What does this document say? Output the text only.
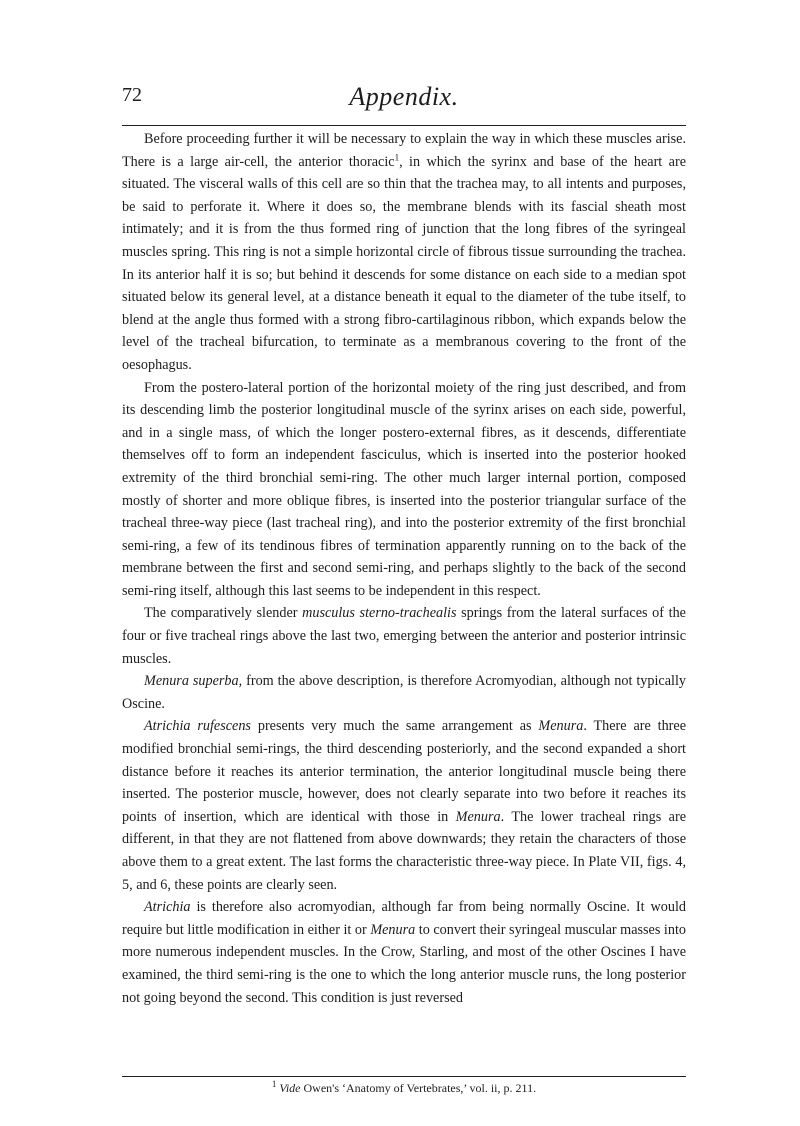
72	Appendix.

Before proceeding further it will be necessary to explain the way in which these muscles arise. There is a large air-cell, the anterior thoracic$^1$, in which the syrinx and base of the heart are situated. The visceral walls of this cell are so thin that the trachea may, to all intents and purposes, be said to perforate it. Where it does so, the membrane blends with its fascial sheath most intimately; and it is from the thus formed ring of junction that the long fibres of the syringeal muscles spring. This ring is not a simple horizontal circle of fibrous tissue surrounding the trachea. In its anterior half it is so; but behind it descends for some distance on each side to a median spot situated below its general level, at a distance beneath it equal to the diameter of the tube itself, to blend at the angle thus formed with a strong fibro-cartilaginous ribbon, which expands below the level of the tracheal bifurcation, to terminate as a membranous covering to the front of the oesophagus.

From the postero-lateral portion of the horizontal moiety of the ring just described, and from its descending limb the posterior longitudinal muscle of the syrinx arises on each side, powerful, and in a single mass, of which the longer postero-external fibres, as it descends, differentiate themselves off to form an independent fasciculus, which is inserted into the posterior hooked extremity of the third bronchial semi-ring. The other much larger internal portion, composed mostly of shorter and more oblique fibres, is inserted into the posterior triangular surface of the tracheal three-way piece (last tracheal ring), and into the posterior extremity of the first bronchial semi-ring, a few of its tendinous fibres of termination apparently running on to the back of the membrane between the first and second semi-ring, and perhaps slightly to the back of the second semi-ring itself, although this last seems to be independent in this respect.

The comparatively slender musculus sterno-trachealis springs from the lateral surfaces of the four or five tracheal rings above the last two, emerging between the anterior and posterior intrinsic muscles.

Menura superba, from the above description, is therefore Acromyodian, although not typically Oscine.

Atrichia rufescens presents very much the same arrangement as Menura. There are three modified bronchial semi-rings, the third descending posteriorly, and the second expanded a short distance before it reaches its anterior termination, the anterior longitudinal muscle being there inserted. The posterior muscle, however, does not clearly separate into two before it reaches its points of insertion, which are identical with those in Menura. The lower tracheal rings are different, in that they are not flattened from above downwards; they retain the characters of those above them to a great extent. The last forms the characteristic three-way piece. In Plate VII, figs. 4, 5, and 6, these points are clearly seen.

Atrichia is therefore also acromyodian, although far from being normally Oscine. It would require but little modification in either it or Menura to convert their syringeal muscular masses into more numerous independent muscles. In the Crow, Starling, and most of the other Oscines I have examined, the third semi-ring is the one to which the long anterior muscle runs, the long posterior not going beyond the second. This condition is just reversed

$^1$ Vide Owen's ‘Anatomy of Vertebrates,’ vol. ii, p. 211.
